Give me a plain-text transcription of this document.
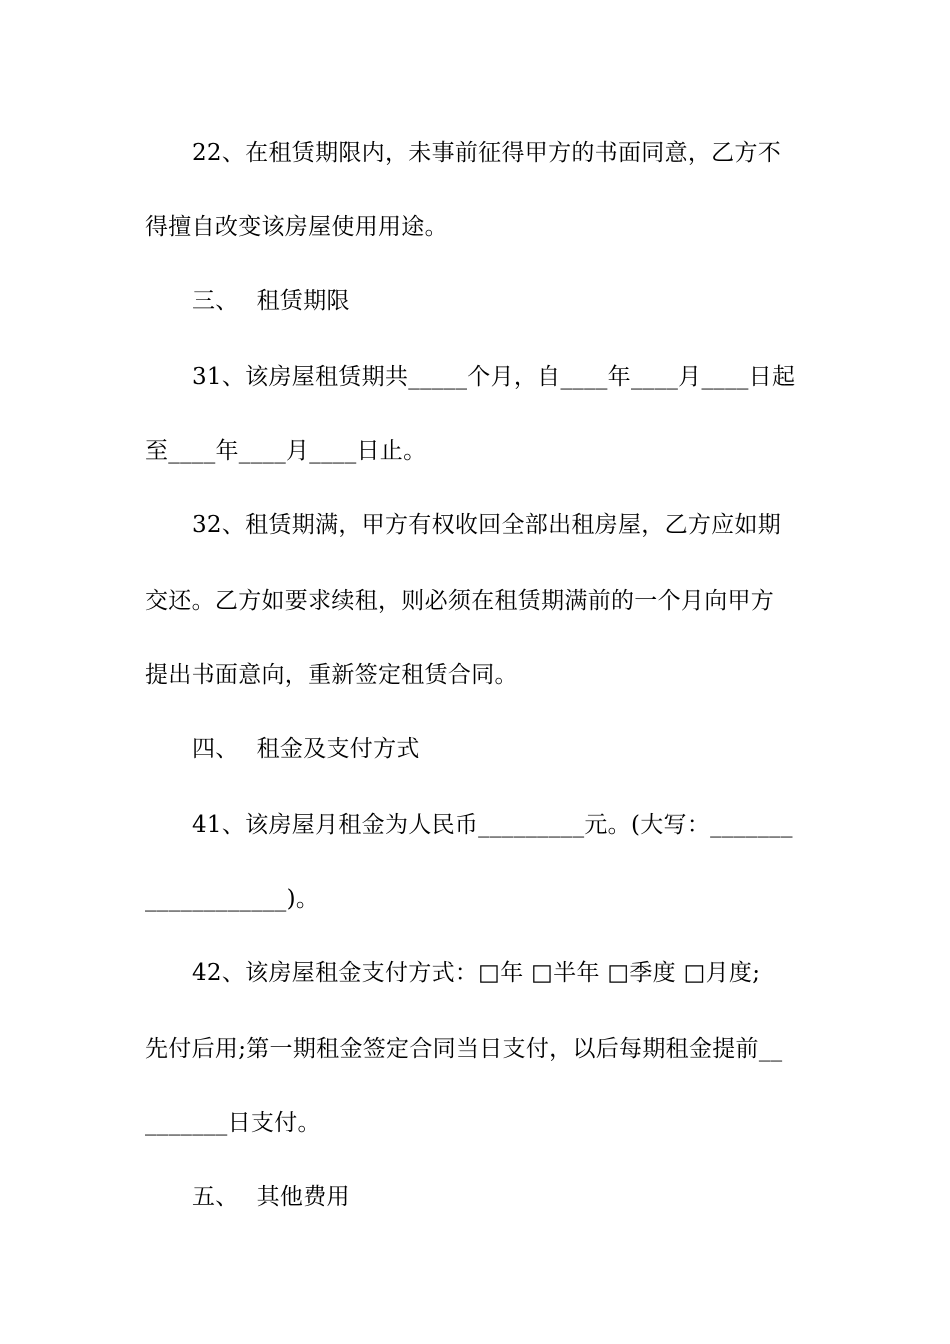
22、在租赁期限内，未事前征得甲方的书面同意，乙方不
得擅自改变该房屋使用用途。
三、 租赁期限
31、该房屋租赁期共_____个月，自____年____月____日起
至____年____月____日止。
32、租赁期满，甲方有权收回全部出租房屋，乙方应如期
交还。乙方如要求续租，则必须在租赁期满前的一个月向甲方
提出书面意向，重新签定租赁合同。
四、 租金及支付方式
41、该房屋月租金为人民币_________元。(大写：_______
____________)。
42、该房屋租金支付方式：□年 □半年 □季度 □月度;
先付后用;第一期租金签定合同当日支付，以后每期租金提前__
_______日支付。
五、 其他费用
